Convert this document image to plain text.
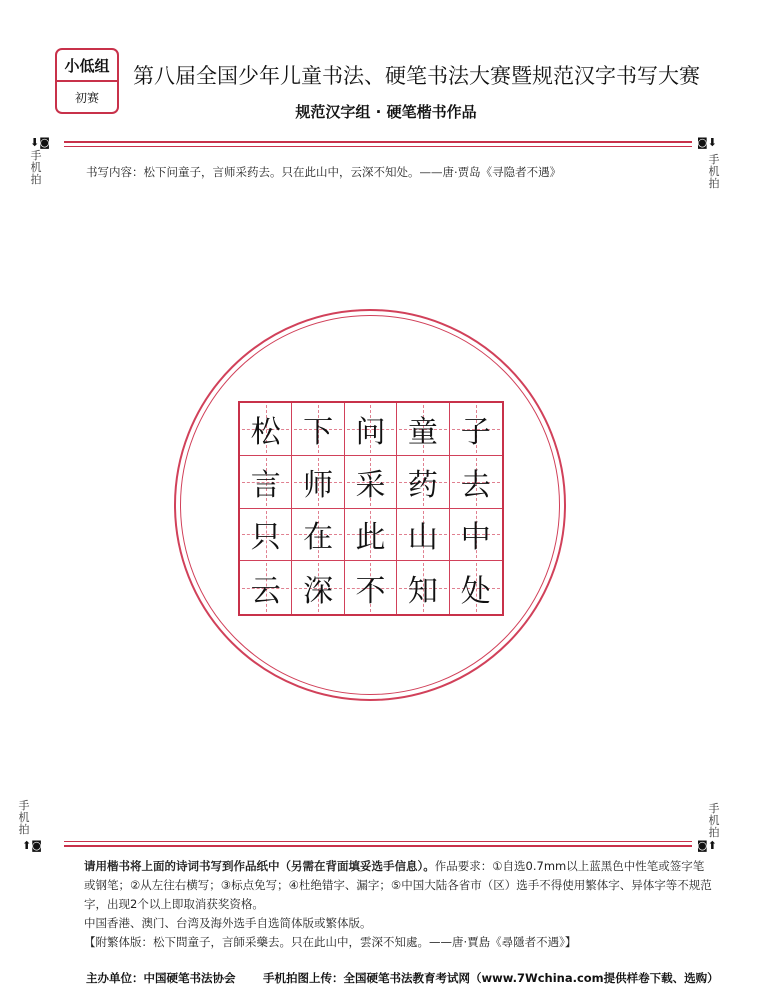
小低组
初赛
第八届全国少年儿童书法、硬笔书法大赛暨规范汉字书写大赛
规范汉字组 · 硬笔楷书作品
⬇◙	◙⬇
手机拍
手机拍
书写内容：松下问童子，言师采药去。只在此山中，云深不知处。——唐·贾岛《寻隐者不遇》
松 下 问 童 子
言 师 采 药 去
只 在 此 山 中
云 深 不 知 处
手机拍
手机拍
⬆◙	◙⬆
请用楷书将上面的诗词书写到作品纸中（另需在背面填妥选手信息）。作品要求：①自选0.7mm以上蓝黑色中性笔或签字笔或钢笔；②从左往右横写；③标点免写；④杜绝错字、漏字；⑤中国大陆各省市（区）选手不得使用繁体字、异体字等不规范字，出现2个以上即取消获奖资格。
中国香港、澳门、台湾及海外选手自选简体版或繁体版。
【附繁体版：松下問童子，言師采藥去。只在此山中，雲深不知處。——唐·賈島《尋隱者不遇》】
主办单位：中国硬笔书法协会 手机拍图上传：全国硬笔书法教育考试网（www.7Wchina.com提供样卷下载、选购）
